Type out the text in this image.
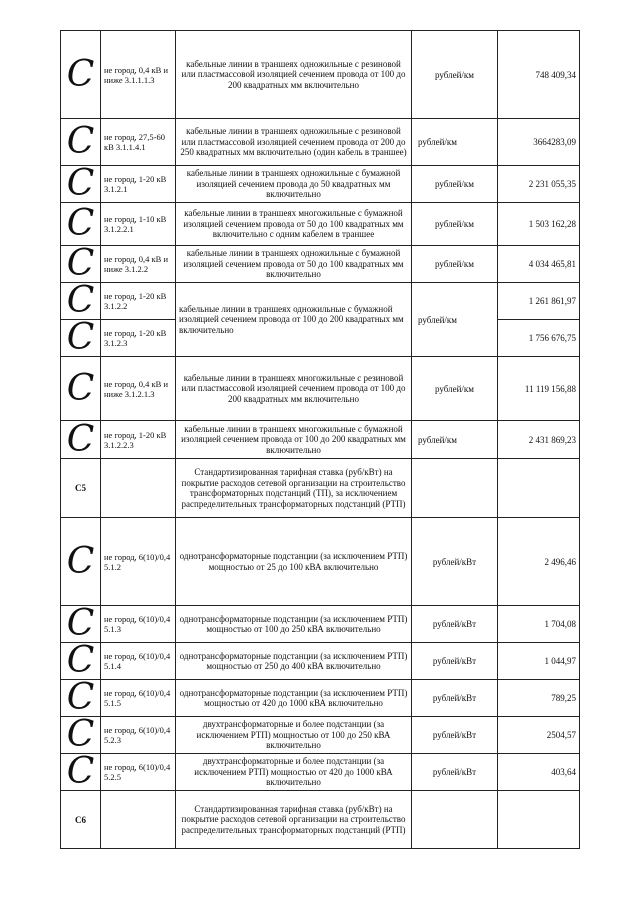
C	не город, 0,4 кВ и ниже 3.1.1.1.3	кабельные линии в траншеях одножильные с резиновой или пластмассовой изоляцией сечением провода от 100 до 200 квадратных мм включительно	рублей/км	748 409,34
C	не город, 27,5-60 кВ 3.1.1.4.1	кабельные линии в траншеях одножильные с резиновой или пластмассовой изоляцией сечением провода от 200 до 250 квадратных мм включительно (один кабель в траншее)	рублей/км	3664283,09
C	не город, 1-20 кВ 3.1.2.1	кабельные линии в траншеях одножильные с бумажной изоляцией сечением провода до 50 квадратных мм включительно	рублей/км	2 231 055,35
C	не город, 1-10 кВ 3.1.2.2.1	кабельные линии в траншеях многожильные с бумажной изоляцией сечением провода от 50 до 100 квадратных мм включительно с одним кабелем в траншее	рублей/км	1 503 162,28
C	не город, 0,4 кВ и ниже 3.1.2.2	кабельные линии в траншеях одножильные с бумажной изоляцией сечением провода от 50 до 100 квадратных мм включительно	рублей/км	4 034 465,81
C	не город, 1-20 кВ 3.1.2.2	кабельные линии в траншеях одножильные с бумажной изоляцией сечением провода от 100 до 200 квадратных мм включительно	рублей/км	1 261 861,97
C	не город, 1-20 кВ 3.1.2.3			1 756 676,75
C	не город, 0,4 кВ и ниже 3.1.2.1.3	кабельные линии в траншеях многожильные с резиновой или пластмассовой изоляцией сечением провода от 100 до 200 квадратных мм включительно	рублей/км	11 119 156,88
C	не город, 1-20 кВ 3.1.2.2.3	кабельные линии в траншеях многожильные с бумажной изоляцией сечением провода от 100 до 200 квадратных мм включительно	рублей/км	2 431 869,23
C5		Стандартизированная тарифная ставка (руб/кВт) на покрытие расходов сетевой организации на строительство трансформаторных подстанций (ТП), за исключением распределительных трансформаторных подстанций (РТП)		
C	не город, 6(10)/0,4 5.1.2	однотрансформаторные подстанции (за исключением РТП) мощностью от 25 до 100 кВА включительно	рублей/кВт	2 496,46
C	не город, 6(10)/0,4 5.1.3	однотрансформаторные подстанции (за исключением РТП) мощностью от 100 до 250 кВА включительно	рублей/кВт	1 704,08
C	не город, 6(10)/0,4 5.1.4	однотрансформаторные подстанции (за исключением РТП) мощностью от 250 до 400 кВА включительно	рублей/кВт	1 044,97
C	не город, 6(10)/0,4 5.1.5	однотрансформаторные подстанции (за исключением РТП) мощностью от 420 до 1000 кВА включительно	рублей/кВт	789,25
C	не город, 6(10)/0,4 5.2.3	двухтрансформаторные и более подстанции (за исключением РТП) мощностью от 100 до 250 кВА включительно	рублей/кВт	2504,57
C	не город, 6(10)/0,4 5.2.5	двухтрансформаторные и более подстанции (за исключением РТП) мощностью от 420 до 1000 кВА включительно	рублей/кВт	403,64
C6		Стандартизированная тарифная ставка (руб/кВт) на покрытие расходов сетевой организации на строительство распределительных трансформаторных подстанций (РТП)		
